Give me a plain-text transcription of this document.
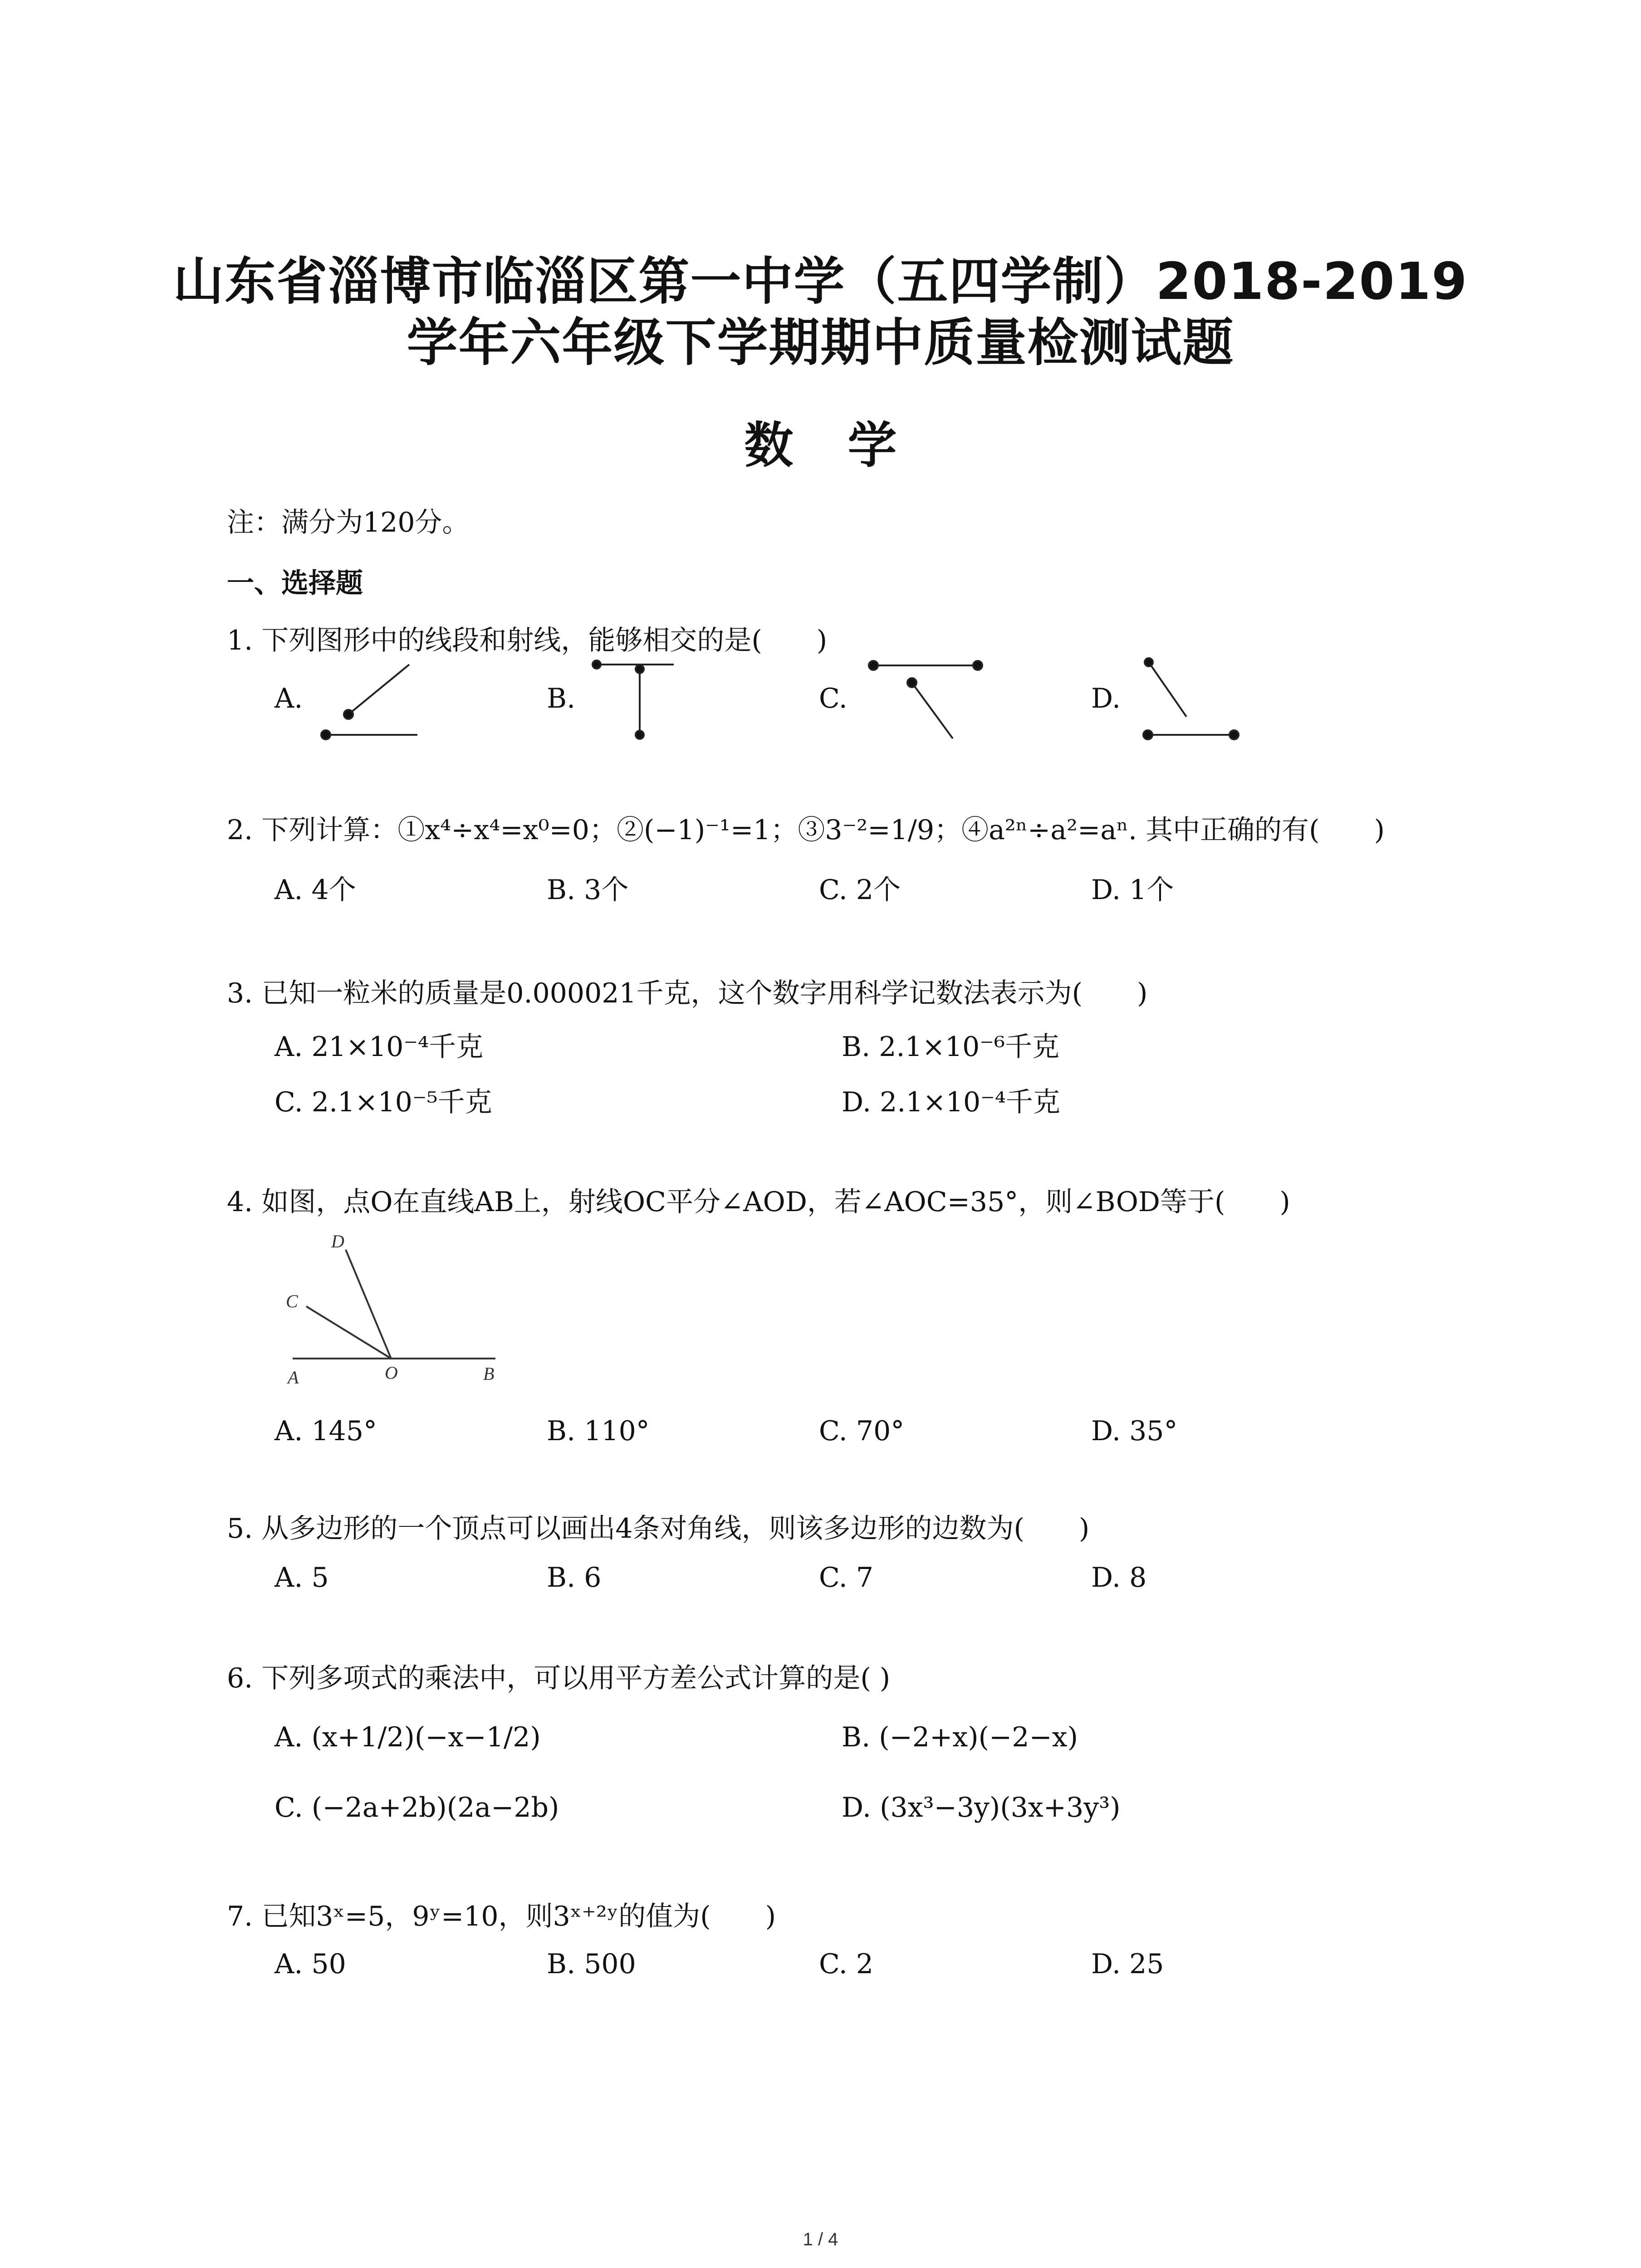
山东省淄博市临淄区第一中学（五四学制）2018-2019
学年六年级下学期期中质量检测试题
数学
注：满分为120分。
一、选择题
1. 下列图形中的线段和射线，能够相交的是(　　)
A.	B.	C.	D.
2. 下列计算：①x⁴÷x⁴=x⁰=0；②(−1)⁻¹=1；③3⁻²=1/9；④a²ⁿ÷a²=aⁿ. 其中正确的有(　　)
A. 4个	B. 3个	C. 2个	D. 1个
3. 已知一粒米的质量是0.000021千克，这个数字用科学记数法表示为(　　)
A. 21×10⁻⁴千克	B. 2.1×10⁻⁶千克
C. 2.1×10⁻⁵千克	D. 2.1×10⁻⁴千克
4. 如图，点O在直线AB上，射线OC平分∠AOD，若∠AOC=35°，则∠BOD等于(　　)
D
C
A	O	B
A. 145°	B. 110°	C. 70°	D. 35°
5. 从多边形的一个顶点可以画出4条对角线，则该多边形的边数为(　　)
A. 5	B. 6	C. 7	D. 8
6. 下列多项式的乘法中，可以用平方差公式计算的是( )
A. (x+1/2)(−x−1/2)	B. (−2+x)(−2−x)
C. (−2a+2b)(2a−2b)	D. (3x³−3y)(3x+3y³)
7. 已知3ˣ=5，9ʸ=10，则3ˣ⁺²ʸ的值为(　　)
A. 50	B. 500	C. 2	D. 25
1 / 4
